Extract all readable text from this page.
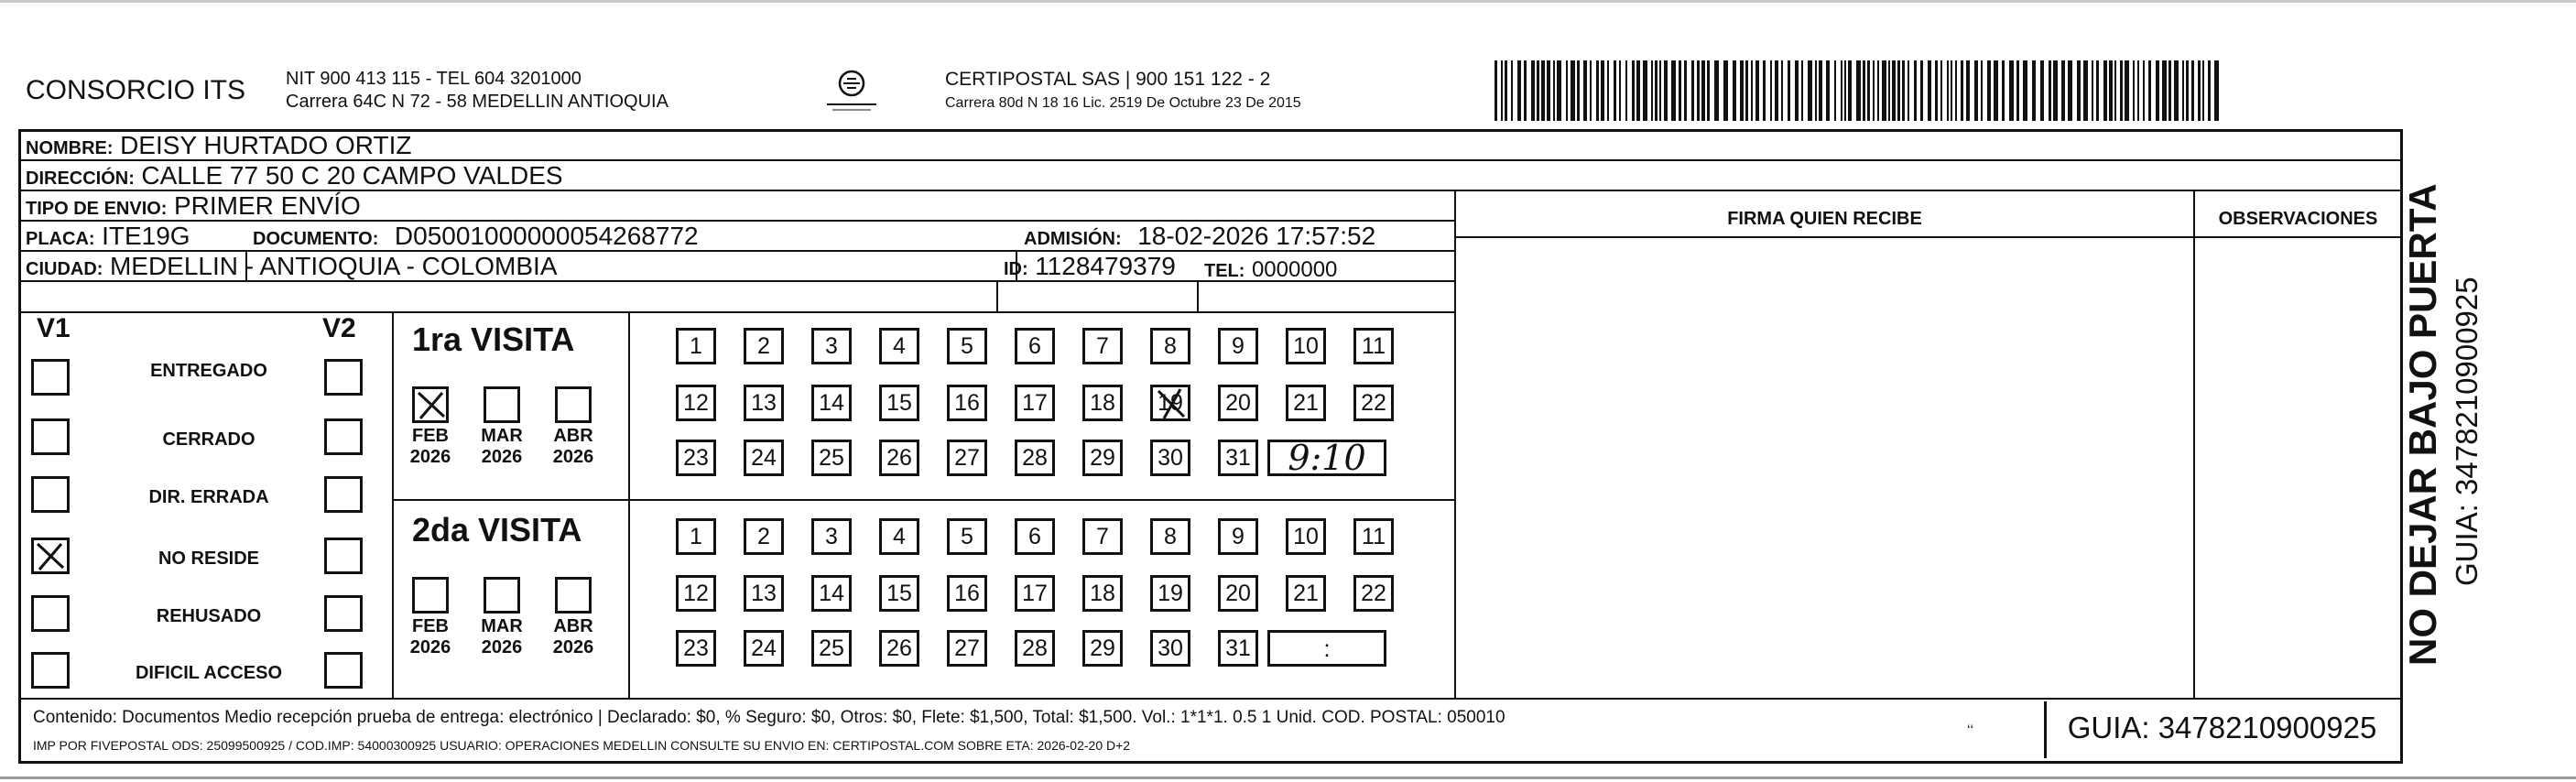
CONSORCIO ITS NIT 900 413 115 - TEL 604 3201000
Carrera 64C N 72 - 58 MEDELLIN ANTIOQUIA
CERTIPOSTAL SAS | 900 151 122 - 2
Carrera 80d N 18 16 Lic. 2519 De Octubre 23 De 2015
NOMBRE: DEISY HURTADO ORTIZ
DIRECCIÓN: CALLE 77 50 C 20 CAMPO VALDES
TIPO DE ENVIO: PRIMER ENVÍO
PLACA: ITE19G	DOCUMENTO: D05001000000054268772	ADMISIÓN: 18-02-2026 17:57:52
CIUDAD: MEDELLIN - ANTIOQUIA - COLOMBIA	ID: 1128479379 TEL: 0000000
FIRMA QUIEN RECIBE	OBSERVACIONES
V1	V2
ENTREGADO
CERRADO
DIR. ERRADA
NO RESIDE
REHUSADO
DIFICIL ACCESO
1ra VISITA
FEB
2026
MAR
2026
ABR
2026
1	2	3	4	5	6	7	8	9	10	11
12	13	14	15	16	17	18	19	20	21	22
23	24	25	26	27	28	29	30	31	9:10
2da VISITA
FEB
2026
MAR
2026
ABR
2026
1	2	3	4	5	6	7	8	9	10	11
12	13	14	15	16	17	18	19	20	21	22
23	24	25	26	27	28	29	30	31	:
Contenido: Documentos Medio recepción prueba de entrega: electrónico | Declarado: $0, % Seguro: $0, Otros: $0, Flete: $1,500, Total: $1,500. Vol.: 1*1*1. 0.5 1 Unid. COD. POSTAL: 050010
IMP POR FIVEPOSTAL ODS: 25099500925 / COD.IMP: 54000300925 USUARIO: OPERACIONES MEDELLIN CONSULTE SU ENVIO EN: CERTIPOSTAL.COM SOBRE ETA: 2026-02-20 D+2
ʻʻ	GUIA: 3478210900925
NO DEJAR BAJO PUERTA GUIA: 3478210900925
